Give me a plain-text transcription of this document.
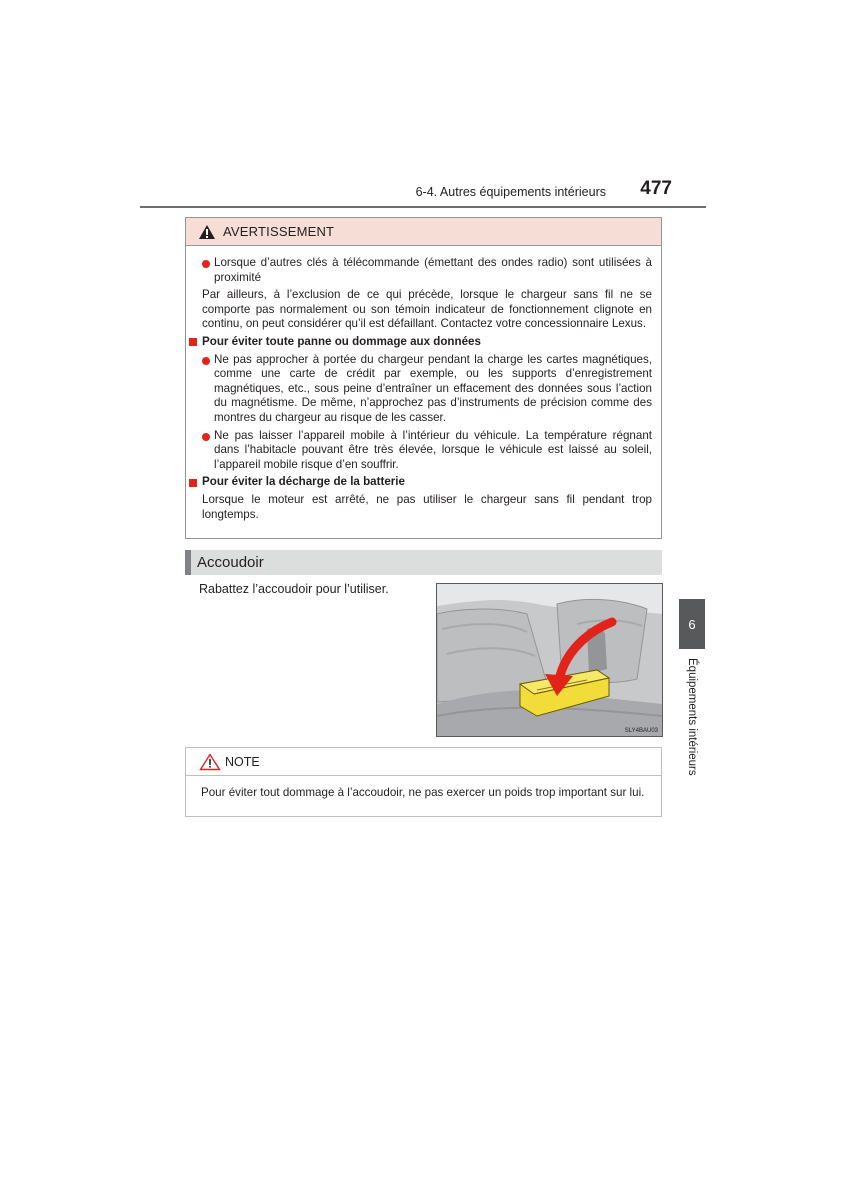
6-4. Autres équipements intérieurs	477
AVERTISSEMENT
Lorsque d’autres clés à télécommande (émettant des ondes radio) sont utilisées à proximité
Par ailleurs, à l’exclusion de ce qui précède, lorsque le chargeur sans fil ne se comporte pas normalement ou son témoin indicateur de fonctionnement clignote en continu, on peut considérer qu’il est défaillant. Contactez votre concessionnaire Lexus.
Pour éviter toute panne ou dommage aux données
Ne pas approcher à portée du chargeur pendant la charge les cartes magnétiques, comme une carte de crédit par exemple, ou les supports d’enregistrement magnétiques, etc., sous peine d’entraîner un effacement des données sous l’action du magnétisme. De même, n’approchez pas d’instruments de précision comme des montres du chargeur au risque de les casser.
Ne pas laisser l’appareil mobile à l’intérieur du véhicule. La température régnant dans l’habitacle pouvant être très élevée, lorsque le véhicule est laissé au soleil, l’appareil mobile risque d’en souffrir.
Pour éviter la décharge de la batterie
Lorsque le moteur est arrêté, ne pas utiliser le chargeur sans fil pendant trop longtemps.
Accoudoir
Rabattez l’accoudoir pour l’utiliser.
SLY4BAU03
NOTE
Pour éviter tout dommage à l’accoudoir, ne pas exercer un poids trop important sur lui.
6
Équipements intérieurs
